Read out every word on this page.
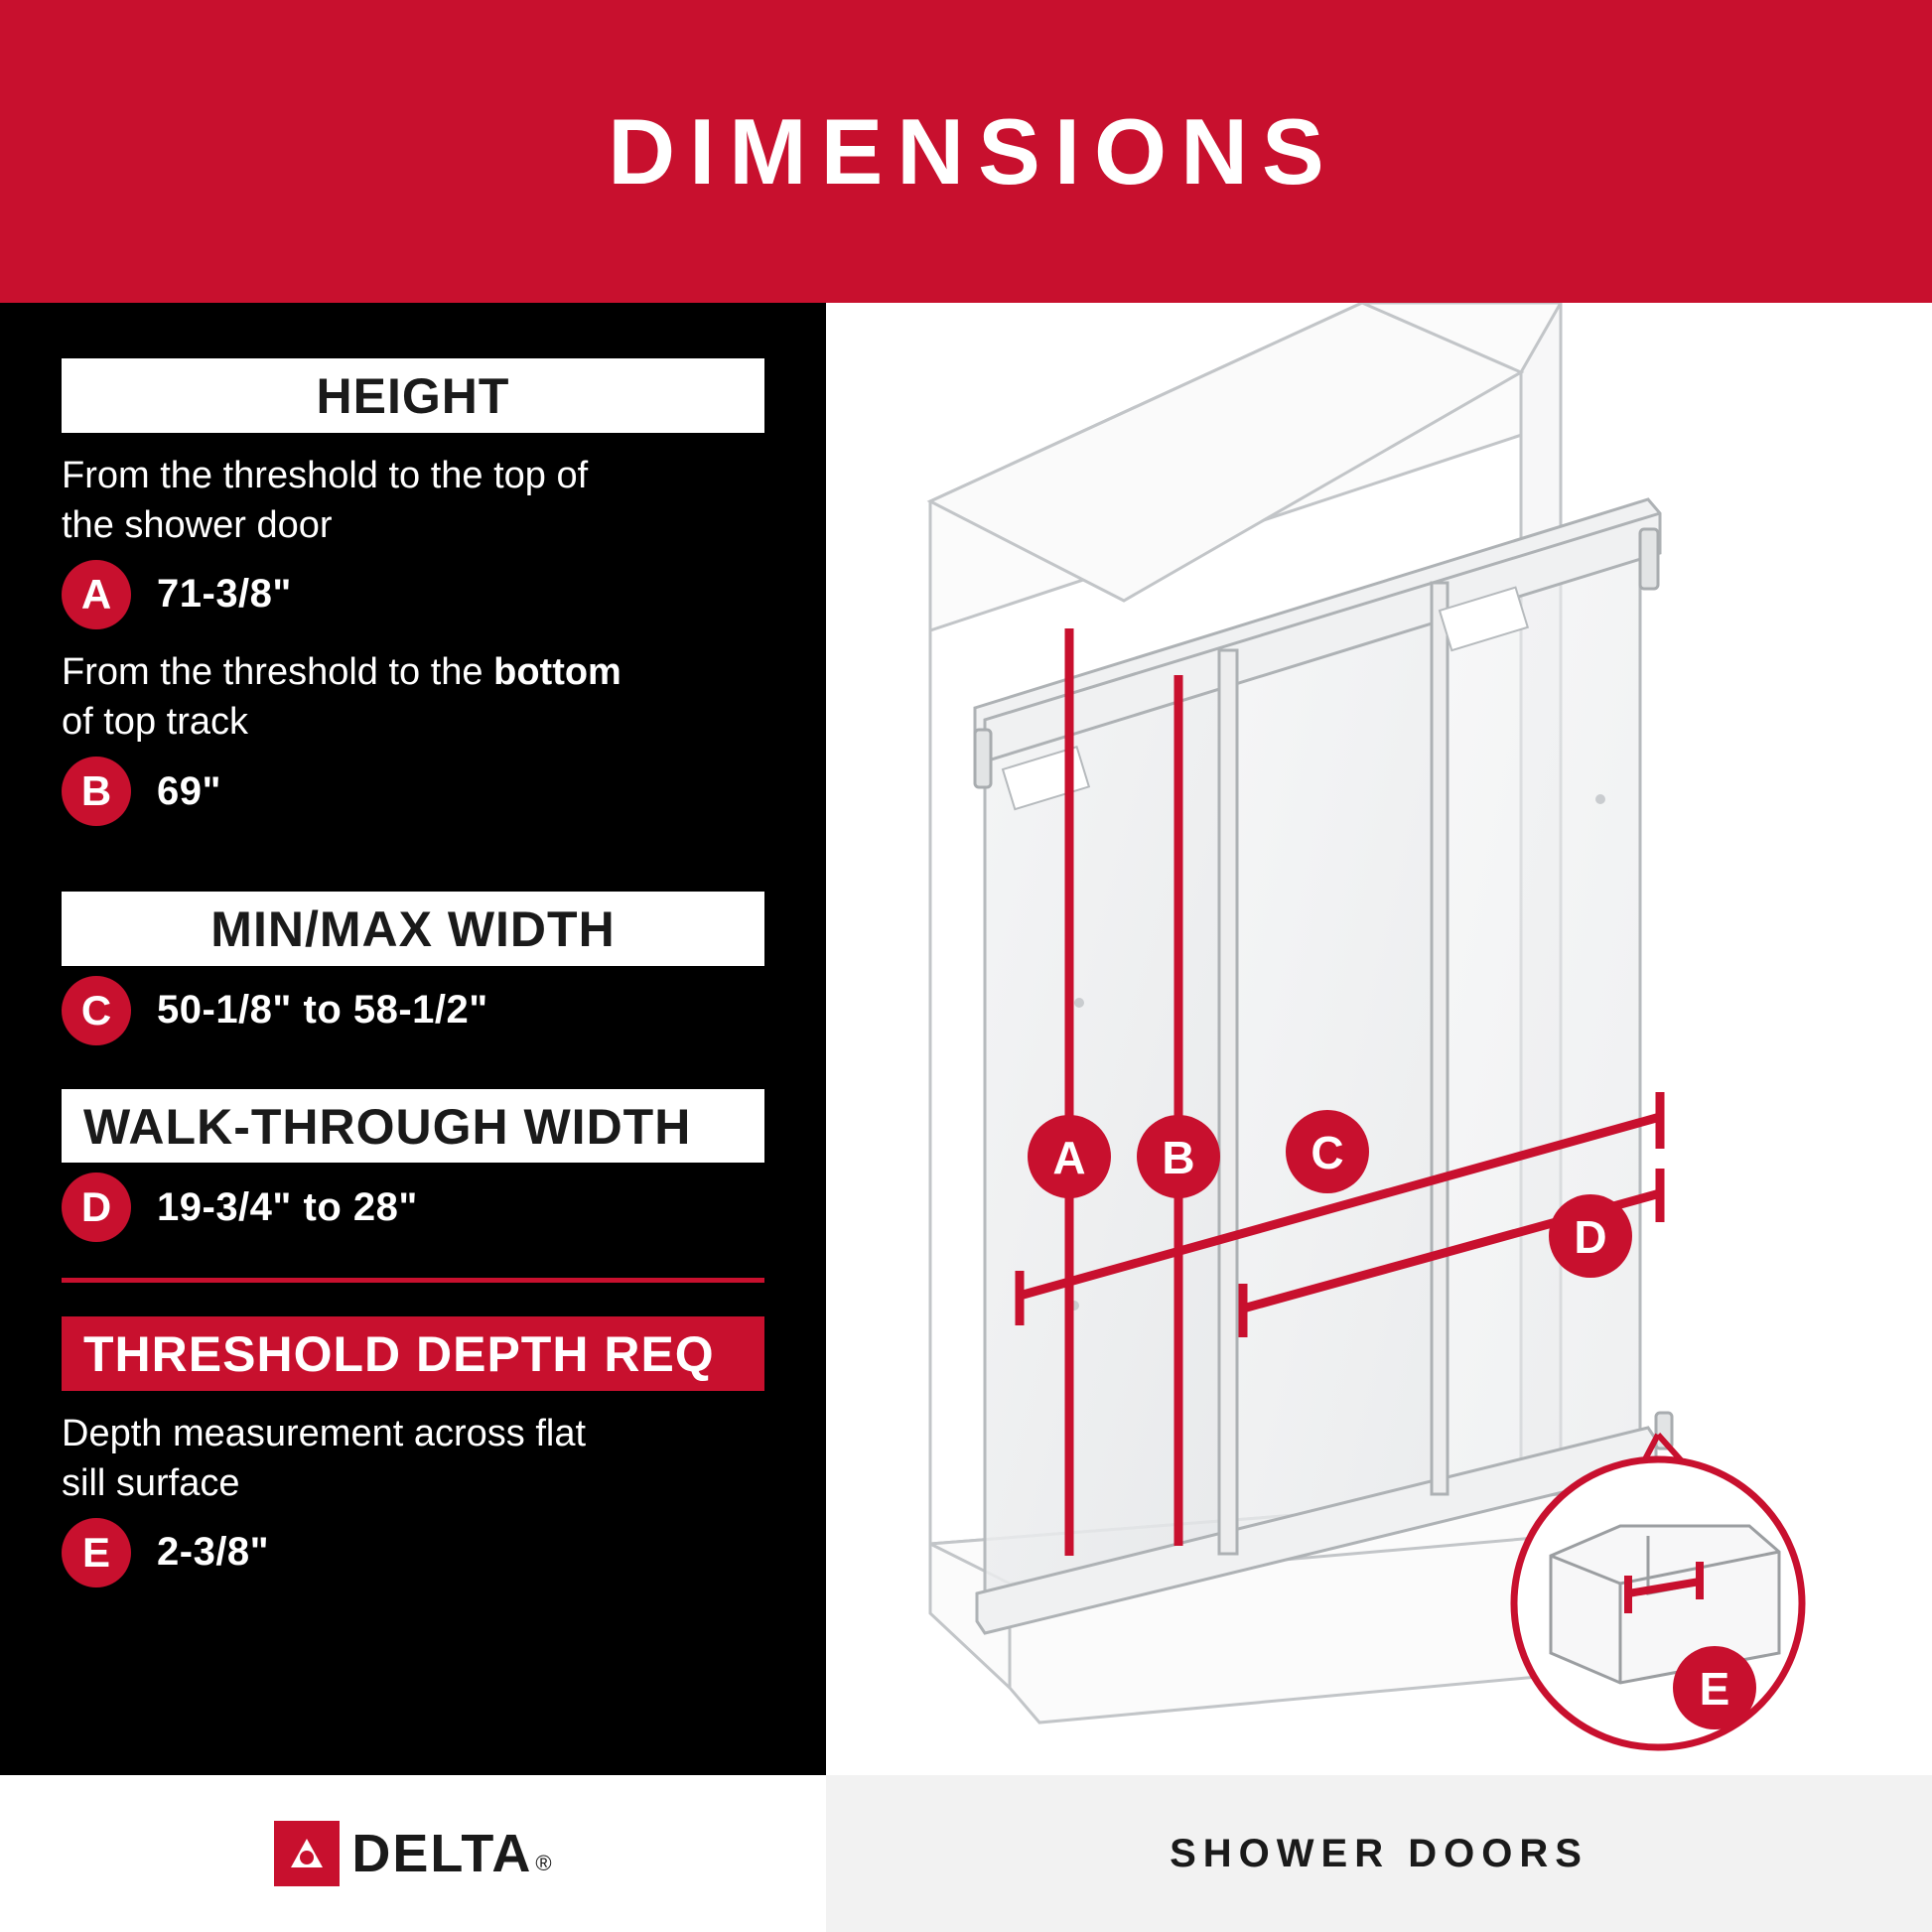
DIMENSIONS
HEIGHT
From the threshold to the top of
the shower door
A	71-3/8"
From the threshold to the bottom
of top track
B	69"
MIN/MAX WIDTH
C	50-1/8" to 58-1/2"
WALK-THROUGH WIDTH
D	19-3/4" to 28"
THRESHOLD DEPTH REQ
Depth measurement across flat
sill surface
E	2-3/8"
A B	C
D
E
DELTA ®	SHOWER DOORS
